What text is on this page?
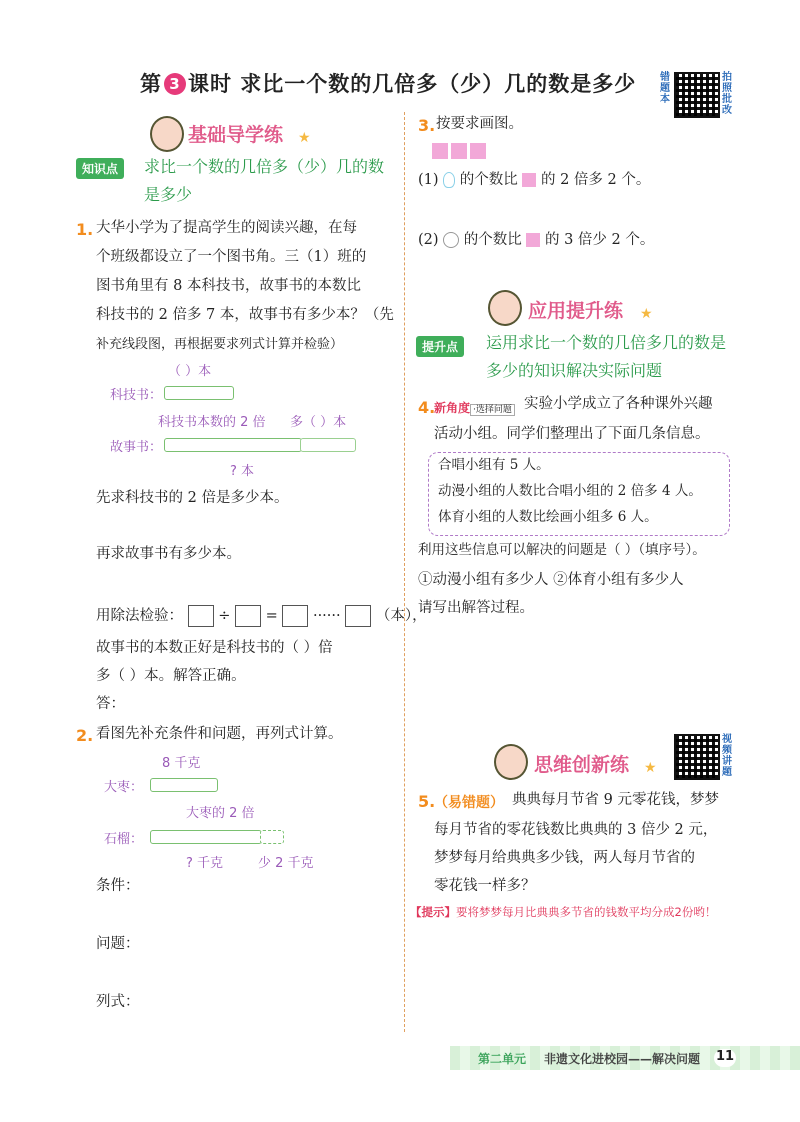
第 3 课时 求比一个数的几倍多（少）几的数是多少 错题本
拍照批改
基础导学练 ★
知识点	求比一个数的几倍多（少）几的数
是多少
1. 大华小学为了提高学生的阅读兴趣，在每
个班级都设立了一个图书角。三（1）班的
图书角里有 8 本科技书，故事书的本数比
科技书的 2 倍多 7 本，故事书有多少本？（先
补充线段图，再根据要求列式计算并检验）
（ ）本
科技书：
科技书本数的 2 倍 多（ ）本
故事书：
? 本
先求科技书的 2 倍是多少本。
再求故事书有多少本。
用除法检验： ÷ = ······ （本），
故事书的本数正好是科技书的（ ）倍
多（ ）本。解答正确。
答：
2. 看图先补充条件和问题，再列式计算。
8 千克
大枣：
大枣的 2 倍
石榴：
? 千克	少 2 千克
条件：
问题：
列式：
3. 按要求画图。
(1) 的个数比 的 2 倍多 2 个。
(2) 的个数比 的 3 倍少 2 个。
应用提升练 ★
提升点	运用求比一个数的几倍多几的数是
多少的知识解决实际问题
4.
新角度 ·选择问题 实验小学成立了各种课外兴趣
活动小组。同学们整理出了下面几条信息。
合唱小组有 5 人。
动漫小组的人数比合唱小组的 2 倍多 4 人。
体育小组的人数比绘画小组多 6 人。
利用这些信息可以解决的问题是（ ）（填序号）。
①动漫小组有多少人 ②体育小组有多少人
请写出解答过程。
思维创新练 ★
视频讲题
5.
（易错题） 典典每月节省 9 元零花钱，梦梦
每月节省的零花钱数比典典的 3 倍少 2 元，
梦梦每月给典典多少钱，两人每月节省的
零花钱一样多？
【提示】要将梦梦每月比典典多节省的钱数平均分成2份哟！
第二单元 非遗文化进校园——解决问题 11
